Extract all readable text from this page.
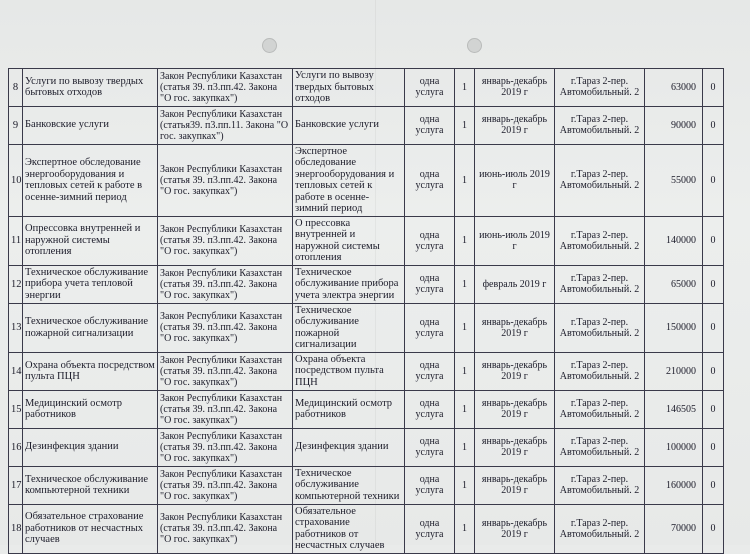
8	Услуги по вывозу твердых бытовых отходов	Закон Республики Казахстан (статья 39. п3.пп.42. Закона "О гос. закупках")	Услуги по вывозу твердых бытовых отходов	одна услуга	1	январь-декабрь 2019 г	г.Тараз 2-пер. Автомобильный. 2	63000	0
9	Банковские услуги	Закон Республики Казахстан (статья39. п3.пп.11. Закона "О гос. закупках")	Банковские услуги	одна услуга	1	январь-декабрь 2019 г	г.Тараз 2-пер. Автомобильный. 2	90000	0
10	Экспертное обследование энергооборудования и тепловых сетей к работе в осенне-зимний период	Закон Республики Казахстан (статья 39. п3.пп.42. Закона "О гос. закупках")	Экспертное обследование энергооборудования и тепловых сетей к работе в осенне-зимний период	одна услуга	1	июнь-июль 2019 г	г.Тараз 2-пер. Автомобильный. 2	55000	0
11	Опрессовка внутренней и наружной системы отопления	Закон Республики Казахстан (статья 39. п3.пп.42. Закона "О гос. закупках")	О прессовка внутренней и наружной системы отопления	одна услуга	1	июнь-июль 2019 г	г.Тараз 2-пер. Автомобильный. 2	140000	0
12	Техническое обслуживание прибора учета тепловой энергии	Закон Республики Казахстан (статья 39. п3.пп.42. Закона "О гос. закупках")	Техническое обслуживание прибора учета электра энергии	одна услуга	1	февраль 2019 г	г.Тараз 2-пер. Автомобильный. 2	65000	0
13	Техническое обслуживание пожарной сигнализации	Закон Республики Казахстан (статья 39. п3.пп.42. Закона "О гос. закупках")	Техническое обслуживание пожарной сигнализации	одна услуга	1	январь-декабрь 2019 г	г.Тараз 2-пер. Автомобильный. 2	150000	0
14	Охрана объекта посредством пульта ПЦН	Закон Республики Казахстан (статья 39. п3.пп.42. Закона "О гос. закупках")	Охрана объекта посредством пульта ПЦН	одна услуга	1	январь-декабрь 2019 г	г.Тараз 2-пер. Автомобильный. 2	210000	0
15	Медицинский осмотр работников	Закон Республики Казахстан (статья 39. п3.пп.42. Закона "О гос. закупках")	Медицинский осмотр работников	одна услуга	1	январь-декабрь 2019 г	г.Тараз 2-пер. Автомобильный. 2	146505	0
16	Дезинфекция здании	Закон Республики Казахстан (статья 39. п3.пп.42. Закона "О гос. закупках")	Дезинфекция здании	одна услуга	1	январь-декабрь 2019 г	г.Тараз 2-пер. Автомобильный. 2	100000	0
17	Техническое обслуживание компьютерной техники	Закон Республики Казахстан (статья 39. п3.пп.42. Закона "О гос. закупках")	Техническое обслуживание компьютерной техники	одна услуга	1	январь-декабрь 2019 г	г.Тараз 2-пер. Автомобильный. 2	160000	0
18	Обязательное страхование работников от несчастных случаев	Закон Республики Казахстан (статья 39. п3.пп.42. Закона "О гос. закупках")	Обязательное страхование работников от несчастных случаев	одна услуга	1	январь-декабрь 2019 г	г.Тараз 2-пер. Автомобильный. 2	70000	0
